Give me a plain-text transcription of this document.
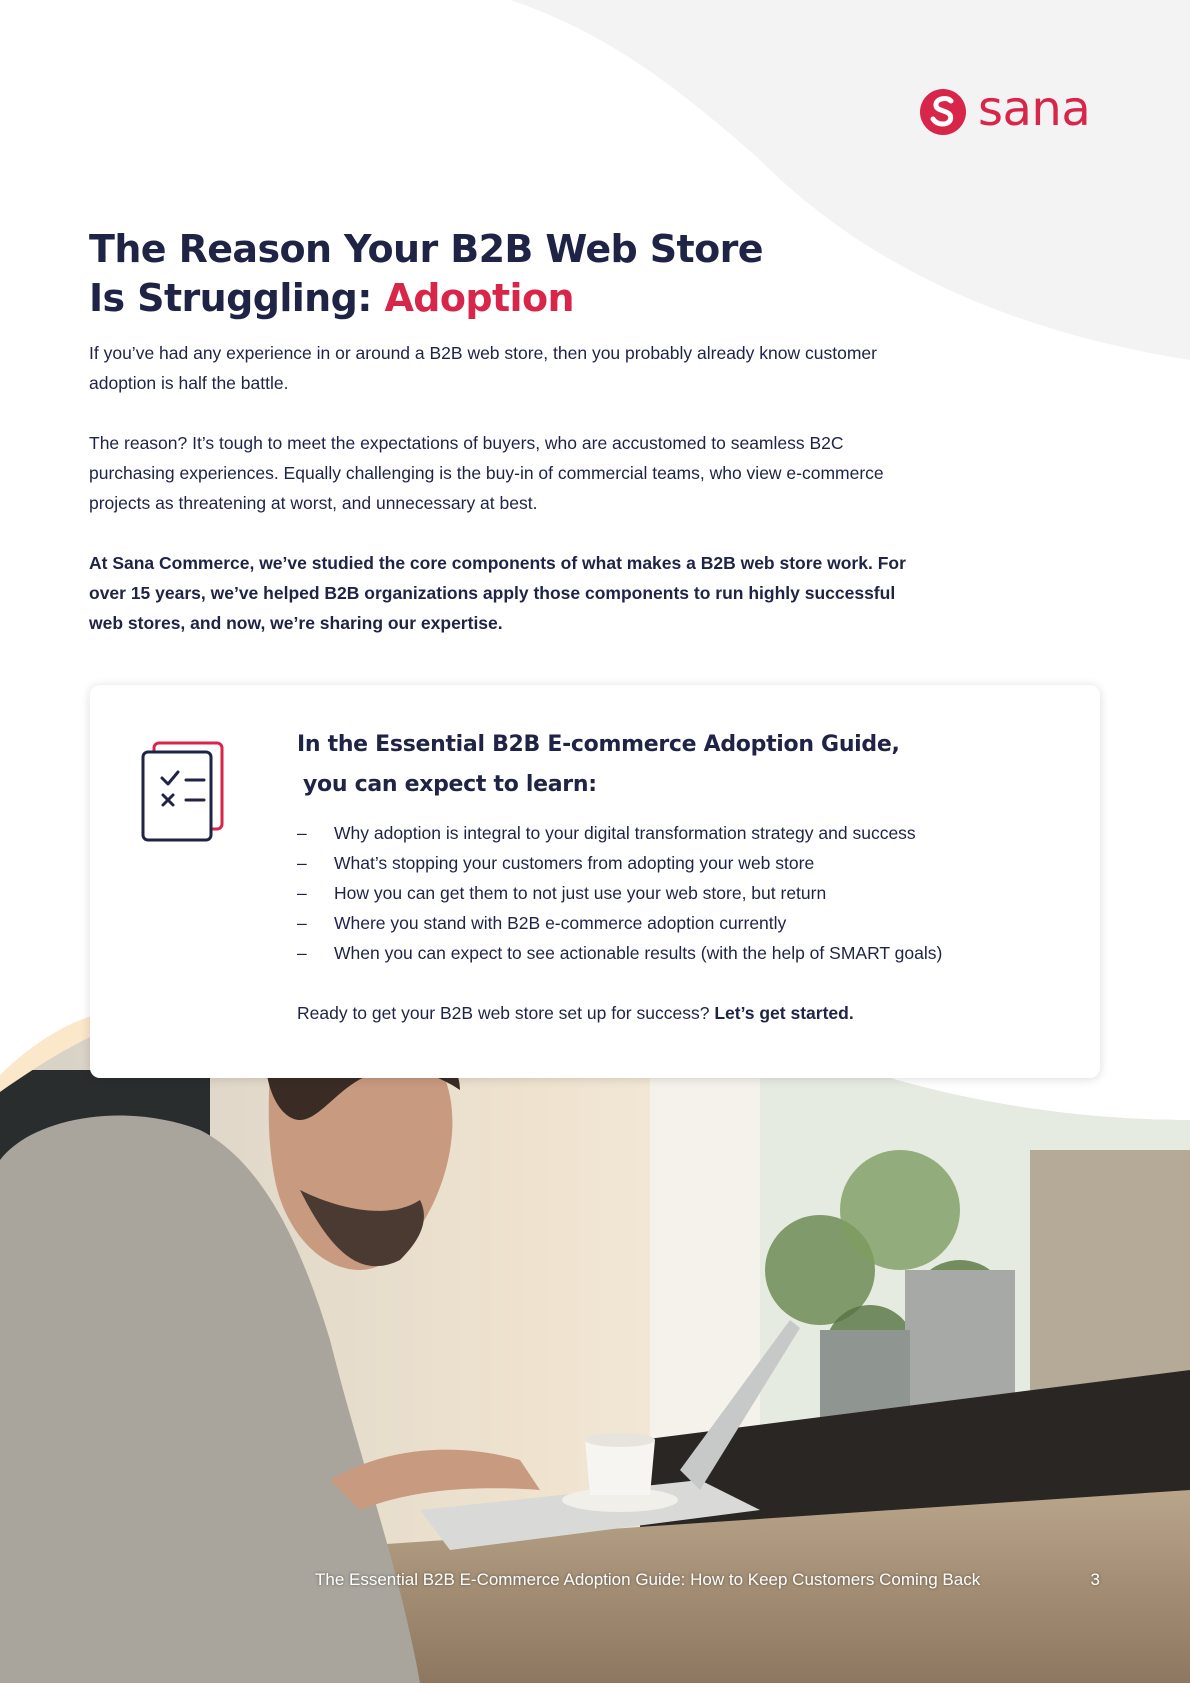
sana
The Reason Your B2B Web Store
Is Struggling: Adoption

If you’ve had any experience in or around a B2B web store, then you probably already know customer adoption is half the battle.

The reason? It’s tough to meet the expectations of buyers, who are accustomed to seamless B2C purchasing experiences. Equally challenging is the buy-in of commercial teams, who view e-commerce projects as threatening at worst, and unnecessary at best.

At Sana Commerce, we’ve studied the core components of what makes a B2B web store work. For over 15 years, we’ve helped B2B organizations apply those components to run highly successful web stores, and now, we’re sharing our expertise.

In the Essential B2B E-commerce Adoption Guide,
you can expect to learn:
– Why adoption is integral to your digital transformation strategy and success
– What’s stopping your customers from adopting your web store
– How you can get them to not just use your web store, but return
– Where you stand with B2B e-commerce adoption currently
– When you can expect to see actionable results (with the help of SMART goals)
Ready to get your B2B web store set up for success? Let’s get started.
The Essential B2B E-Commerce Adoption Guide: How to Keep Customers Coming Back	3
